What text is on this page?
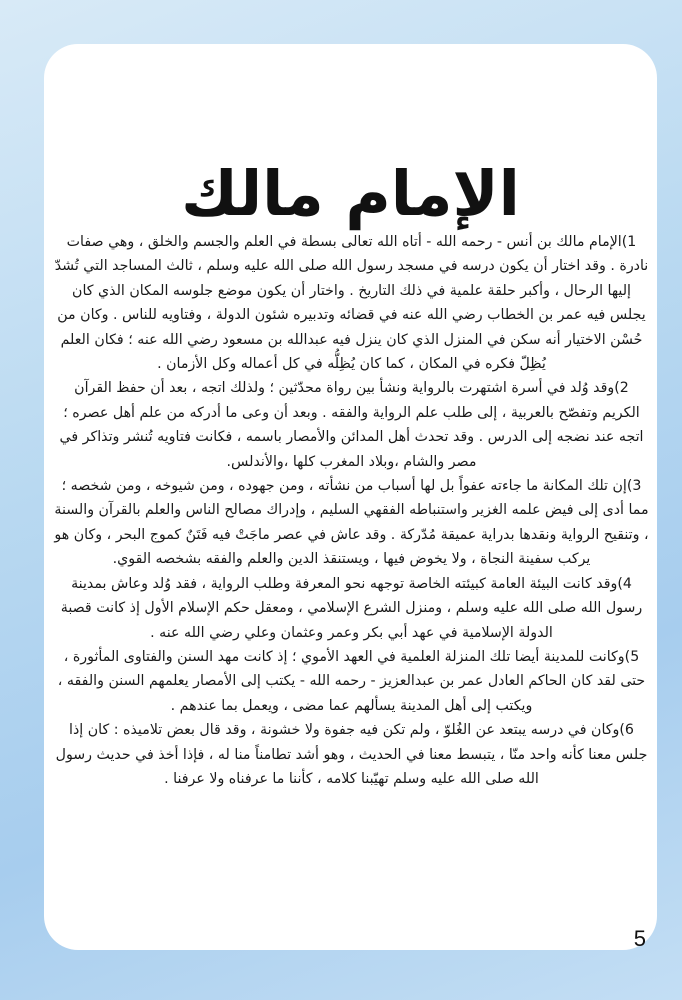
الإمام مالك

1)الإمام مالك بن أنس - رحمه الله - أتاه الله تعالى بسطة في العلم والجسم والخلق ، وهي صفات نادرة . وقد اختار أن يكون درسه في مسجد رسول الله صلى الله عليه وسلم ، ثالث المساجد التي تُشدّ إليها الرحال ، وأكبر حلقة علمية في ذلك التاريخ . واختار أن يكون موضع جلوسه المكان الذي كان يجلس فيه عمر بن الخطاب رضي الله عنه في قضائه وتدبيره شئون الدولة ، وفتاويه للناس . وكان من حُسْن الاختيار أنه سكن في المنزل الذي كان ينزل فيه عبدالله بن مسعود رضي الله عنه ؛ فكان العلم يُظِلّ فكره في المكان ، كما كان يُظِلُّه في كل أعماله وكل الأزمان .

2)وقد وُلد في أسرة اشتهرت بالرواية ونشأ بين رواة محدّثين ؛ ولذلك اتجه ، بعد أن حفظ القرآن الكريم وتفصّح بالعربية ، إلى طلب علم الرواية والفقه . وبعد أن وعى ما أدركه من علم أهل عصره ؛ اتجه عند نضجه إلى الدرس . وقد تحدث أهل المدائن والأمصار باسمه ، فكانت فتاويه تُنشر وتذاكر في مصر والشام ،وبلاد المغرب كلها ،والأندلس.

3)إن تلك المكانة ما جاءته عفواً بل لها أسباب من نشأته ، ومن جهوده ، ومن شيوخه ، ومن شخصه ؛ مما أدى إلى فيض علمه الغزير واستنباطه الفقهي السليم ، وإدراك مصالح الناس والعلم بالقرآن والسنة ، وتنقيح الرواية ونقدها بدراية عميقة مُدّركة . وقد عاش في عصر ماجَتْ فيه فَتَنٌ كموج البحر ، وكان هو يركب سفينة النجاة ، ولا يخوض فيها ، ويستنقذ الدين والعلم والفقه بشخصه القوي.

4)وقد كانت البيئة العامة كبيئته الخاصة توجهه نحو المعرفة وطلب الرواية ، فقد وُلد وعاش بمدينة رسول الله صلى الله عليه وسلم ، ومنزل الشرع الإسلامي ، ومعقل حكم الإسلام الأول إذ كانت قصبة الدولة الإسلامية في عهد أبي بكر وعمر وعثمان وعلي رضي الله عنه .

5)وكانت للمدينة أيضا تلك المنزلة العلمية في العهد الأموي ؛ إذ كانت مهد السنن والفتاوى المأثورة ، حتى لقد كان الحاكم العادل عمر بن عبدالعزيز - رحمه الله - يكتب إلى الأمصار يعلمهم السنن والفقه ، ويكتب إلى أهل المدينة يسألهم عما مضى ، ويعمل بما عندهم .

6)وكان في درسه يبتعد عن الغُلوّ ، ولم تكن فيه جفوة ولا خشونة ، وقد قال بعض تلاميذه : كان إذا جلس معنا كأنه واحد منّا ، يتبسط معنا في الحديث ، وهو أشد تطامناً منا له ، فإذا أخذ في حديث رسول الله صلى الله عليه وسلم تهيّبنا كلامه ، كأننا ما عرفناه ولا عرفنا .

5
